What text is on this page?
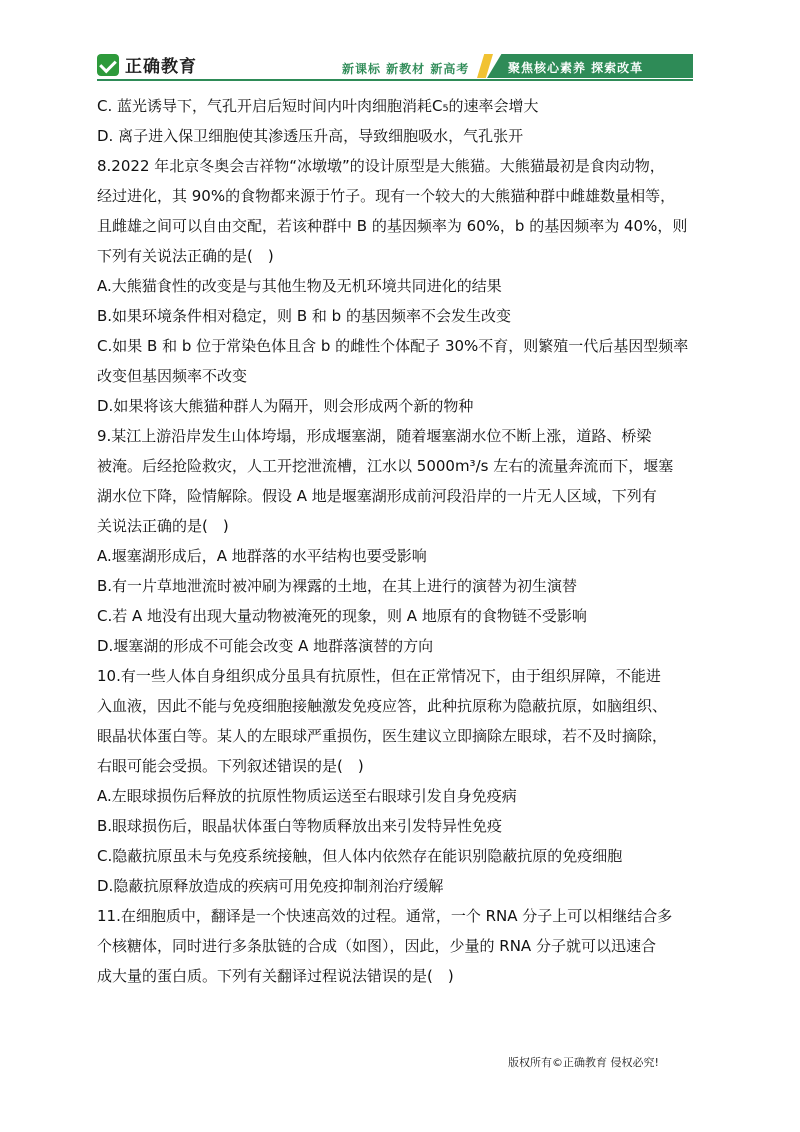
正确教育	新课标 新教材 新高考	聚焦核心素养 探索改革

C. 蓝光诱导下，气孔开启后短时间内叶肉细胞消耗C₅的速率会增大

D. 离子进入保卫细胞使其渗透压升高，导致细胞吸水，气孔张开

8.2022 年北京冬奥会吉祥物“冰墩墩”的设计原型是大熊猫。大熊猫最初是食肉动物，

经过进化，其 90%的食物都来源于竹子。现有一个较大的大熊猫种群中雌雄数量相等，

且雌雄之间可以自由交配，若该种群中 B 的基因频率为 60%，b 的基因频率为 40%，则

下列有关说法正确的是(　)

A.大熊猫食性的改变是与其他生物及无机环境共同进化的结果

B.如果环境条件相对稳定，则 B 和 b 的基因频率不会发生改变

C.如果 B 和 b 位于常染色体且含 b 的雌性个体配子 30%不育，则繁殖一代后基因型频率

改变但基因频率不改变

D.如果将该大熊猫种群人为隔开，则会形成两个新的物种

9.某江上游沿岸发生山体垮塌，形成堰塞湖，随着堰塞湖水位不断上涨，道路、桥梁

被淹。后经抢险救灾，人工开挖泄流槽，江水以 5000m³/s 左右的流量奔流而下，堰塞

湖水位下降，险情解除。假设 A 地是堰塞湖形成前河段沿岸的一片无人区域，下列有

关说法正确的是(　)

A.堰塞湖形成后，A 地群落的水平结构也要受影响

B.有一片草地泄流时被冲刷为裸露的土地，在其上进行的演替为初生演替

C.若 A 地没有出现大量动物被淹死的现象，则 A 地原有的食物链不受影响

D.堰塞湖的形成不可能会改变 A 地群落演替的方向

10.有一些人体自身组织成分虽具有抗原性，但在正常情况下，由于组织屏障，不能进

入血液，因此不能与免疫细胞接触激发免疫应答，此种抗原称为隐蔽抗原，如脑组织、

眼晶状体蛋白等。某人的左眼球严重损伤，医生建议立即摘除左眼球，若不及时摘除，

右眼可能会受损。下列叙述错误的是(　)

A.左眼球损伤后释放的抗原性物质运送至右眼球引发自身免疫病

B.眼球损伤后，眼晶状体蛋白等物质释放出来引发特异性免疫

C.隐蔽抗原虽未与免疫系统接触，但人体内依然存在能识别隐蔽抗原的免疫细胞

D.隐蔽抗原释放造成的疾病可用免疫抑制剂治疗缓解

11.在细胞质中，翻译是一个快速高效的过程。通常，一个 RNA 分子上可以相继结合多

个核糖体，同时进行多条肽链的合成（如图），因此，少量的 RNA 分子就可以迅速合

成大量的蛋白质。下列有关翻译过程说法错误的是(　)

版权所有©正确教育 侵权必究!
